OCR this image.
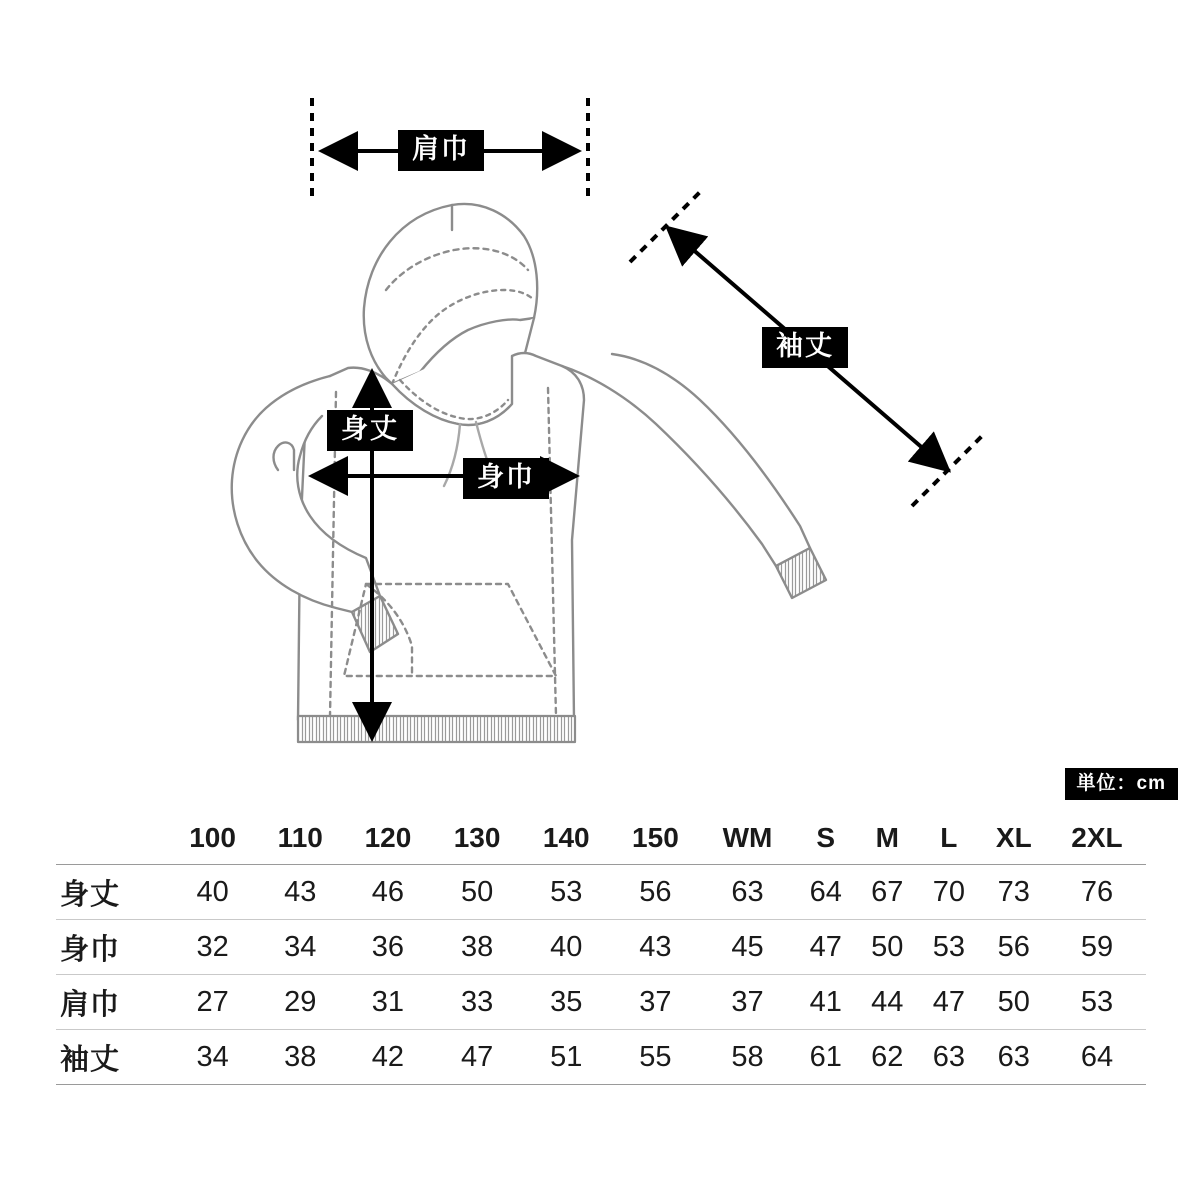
肩巾
袖丈
身丈
身巾
単位：cm
	100	110	120	130	140	150	WM	S	M	L	XL	2XL
身丈	40	43	46	50	53	56	63	64	67	70	73	76
身巾	32	34	36	38	40	43	45	47	50	53	56	59
肩巾	27	29	31	33	35	37	37	41	44	47	50	53
袖丈	34	38	42	47	51	55	58	61	62	63	63	64
